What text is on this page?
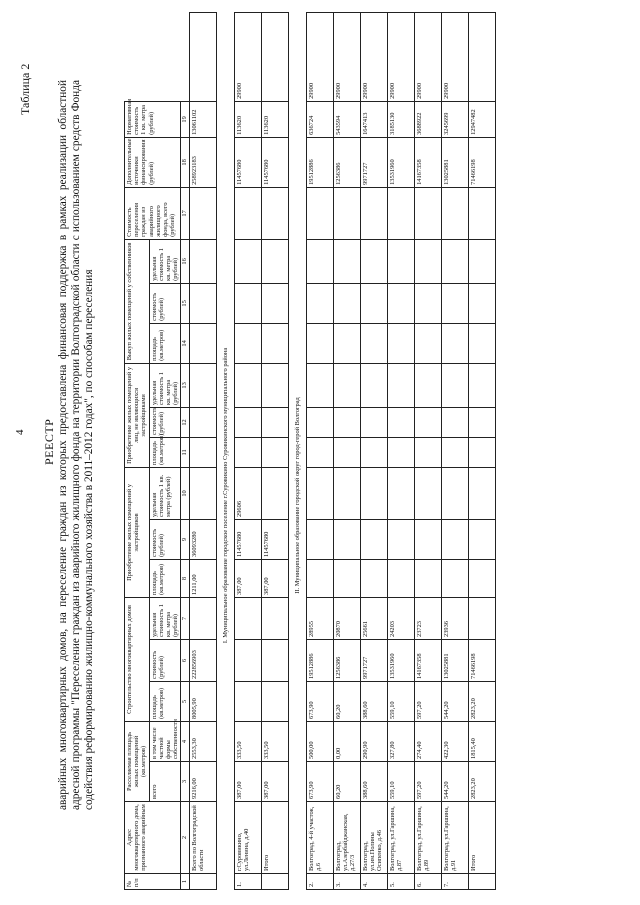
4
Таблица 2
РЕЕСТР аварийных многоквартирных домов, на переселение граждан из которых предоставлена финансовая поддержка в рамках реализации областной адресной программы "Переселение граждан из аварийного жилищного фонда на территории Волгоградской области с использованием средств Фонда содействия реформированию жилищно-коммунального хозяйства в 2011–2012 годах", по способам переселения
№ п/п	Адрес многоквартирного дома, признанного аварийным	Расселяемая площадь жилых помещений (кв.метров)		Строительство многоквартирных домов			Приобретение жилых помещений у застройщиков			Приобретение жилых помещений у лиц, не являющихся застройщиками			Выкуп жилых помещений у собственников			Стоимость переселения граждан из аварийного жилищного фонда, всего (рублей)	Дополнительные источники финансирования (рублей)	Нормативная стоимость 1 кв. метра (рублей)	
		всего	в том числе частной формы собственности	площадь (кв.метров)	стоимость (рублей)	удельная стоимость 1 кв. метра (рублей)	площадь (кв.метров)	стоимость (рублей)	удельная стоимость 1 кв. метра (рублей)	площадь (кв.метров)	стоимость (рублей)	удельная стоимость 1 кв. метра (рублей)	площадь (кв.метров)	стоимость (рублей)	удельная стоимость 1 кв. метра (рублей)				
1	2	3	4	5	6	7	8	9	10	11	12	13	14	15	16	17	18	19	
	Всего по Волгоградской области	9216,00	2553,30	8005,90	222856903		1211,00	36093280									258923183	13061102	
I. Муниципальное образование городское поселение г.Суровикино Суровикинского муниципального района																			
1.	г.Суровикино, ул.Ленина, д.40	387,00	333,50				387,00	11457680	29606								11457680	113620	29900
	Итого	387,00	333,50				387,00	11457680									11457680	113620	
II. Муниципальное образование городской округ город-герой Волгоград																			
2.	Волгоград, 4-й участок, д.6	673,90	500,00	673,90	19512886	28955											19512886	636724	29900
3.	Волгоград, ул.Азербайджанская, д.27/3	60,20	0,00	60,20	1256386	20870											1256386	543594	29900
4.	Волгоград, ул.им.Полины Осипенко, д.46	388,60	290,90	388,60	9971727	25661											9971727	1647413	29900
5.	Волгоград, ул.Гаршина, д.87	559,10	327,80	559,10	13531960	24203											13531960	3185130	29900
6.	Волгоград, ул.Гаршина, д.89	597,20	274,40	597,20	14167358	23723											14167358	3688922	29900
7.	Волгоград, ул.Гаршина, д.91	544,20	422,30	544,20	13025881	23936											13025881	3245699	29900
	Итого	2823,20	1815,40	2823,20	71466198												71466198	12947482	
